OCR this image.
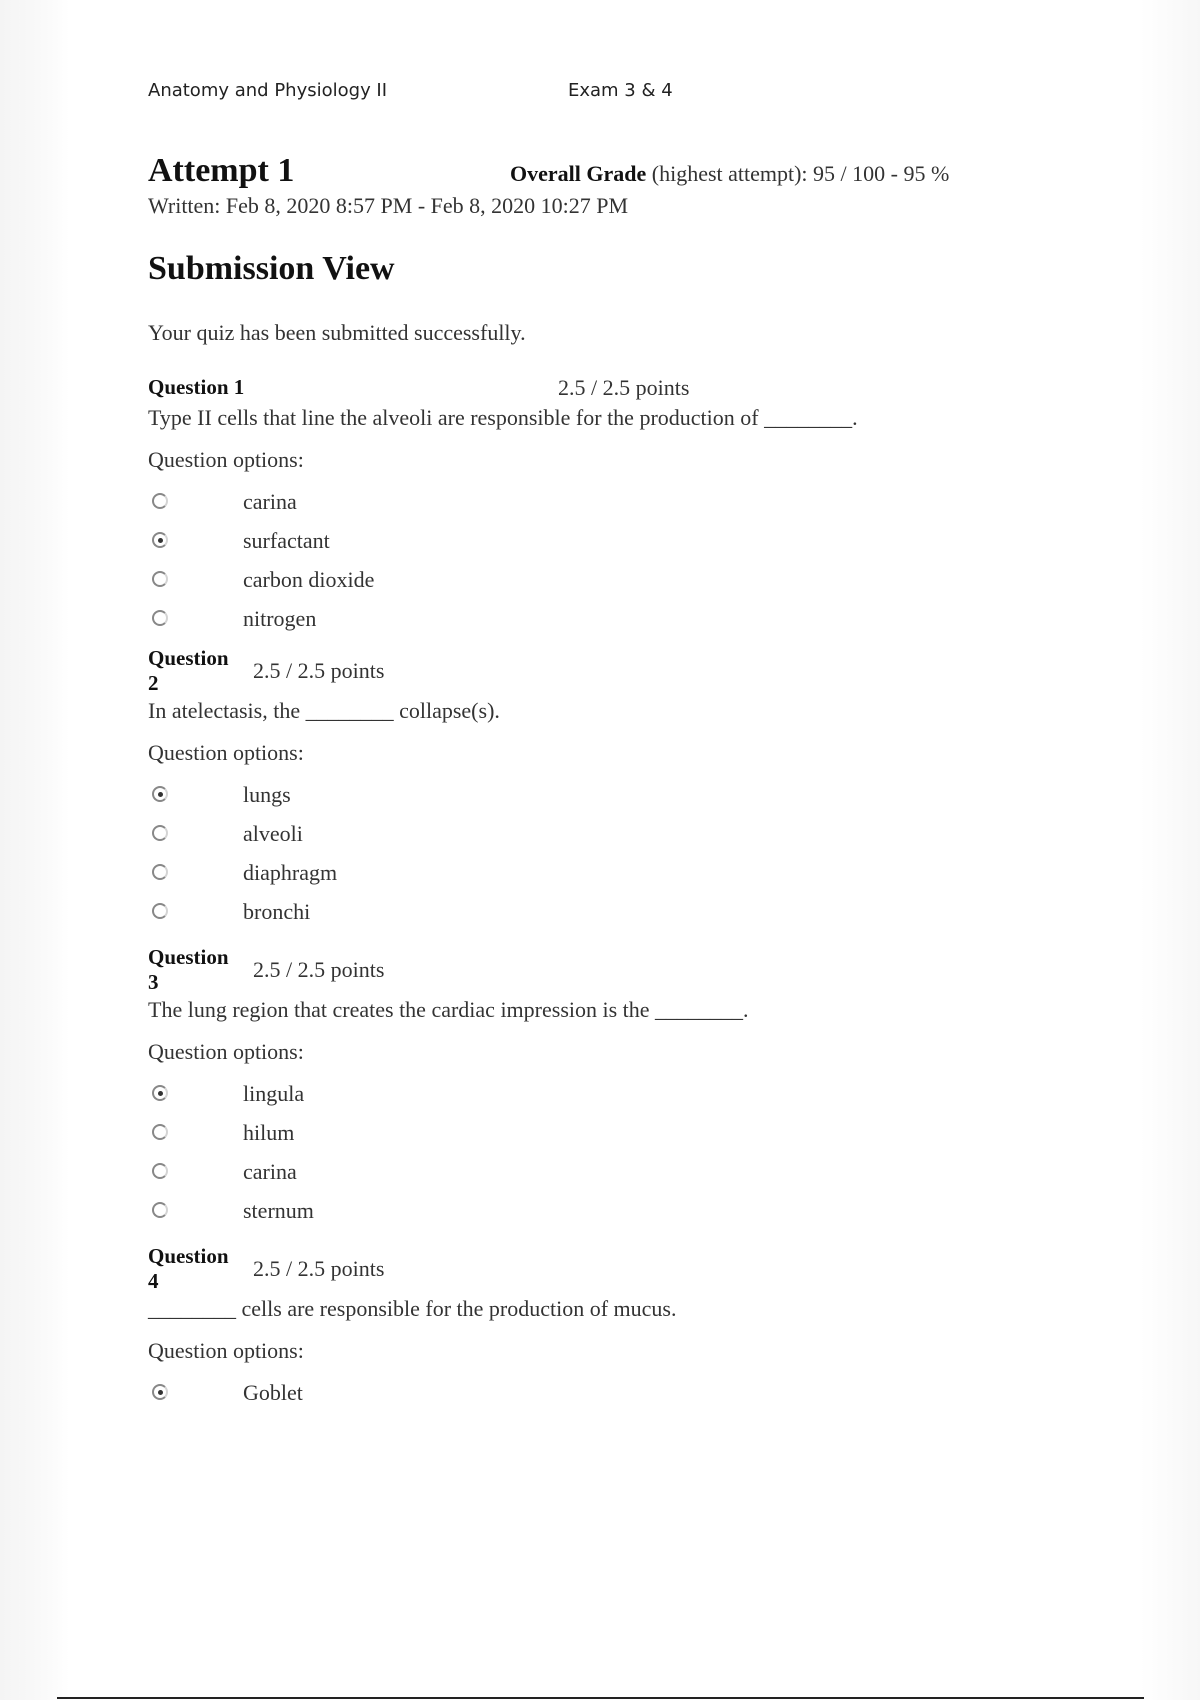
Anatomy and Physiology II	Exam 3 & 4
Attempt 1	Overall Grade (highest attempt): 95 / 100 - 95 %
Written: Feb 8, 2020 8:57 PM - Feb 8, 2020 10:27 PM
Submission View
Your quiz has been submitted successfully.
Question 1	2.5 / 2.5 points
Type II cells that line the alveoli are responsible for the production of ________.
Question options:
carina
surfactant
carbon dioxide
nitrogen
Question 2	2.5 / 2.5 points
In atelectasis, the ________ collapse(s).
Question options:
lungs
alveoli
diaphragm
bronchi
Question 3	2.5 / 2.5 points
The lung region that creates the cardiac impression is the ________.
Question options:
lingula
hilum
carina
sternum
Question 4	2.5 / 2.5 points
________ cells are responsible for the production of mucus.
Question options:
Goblet
